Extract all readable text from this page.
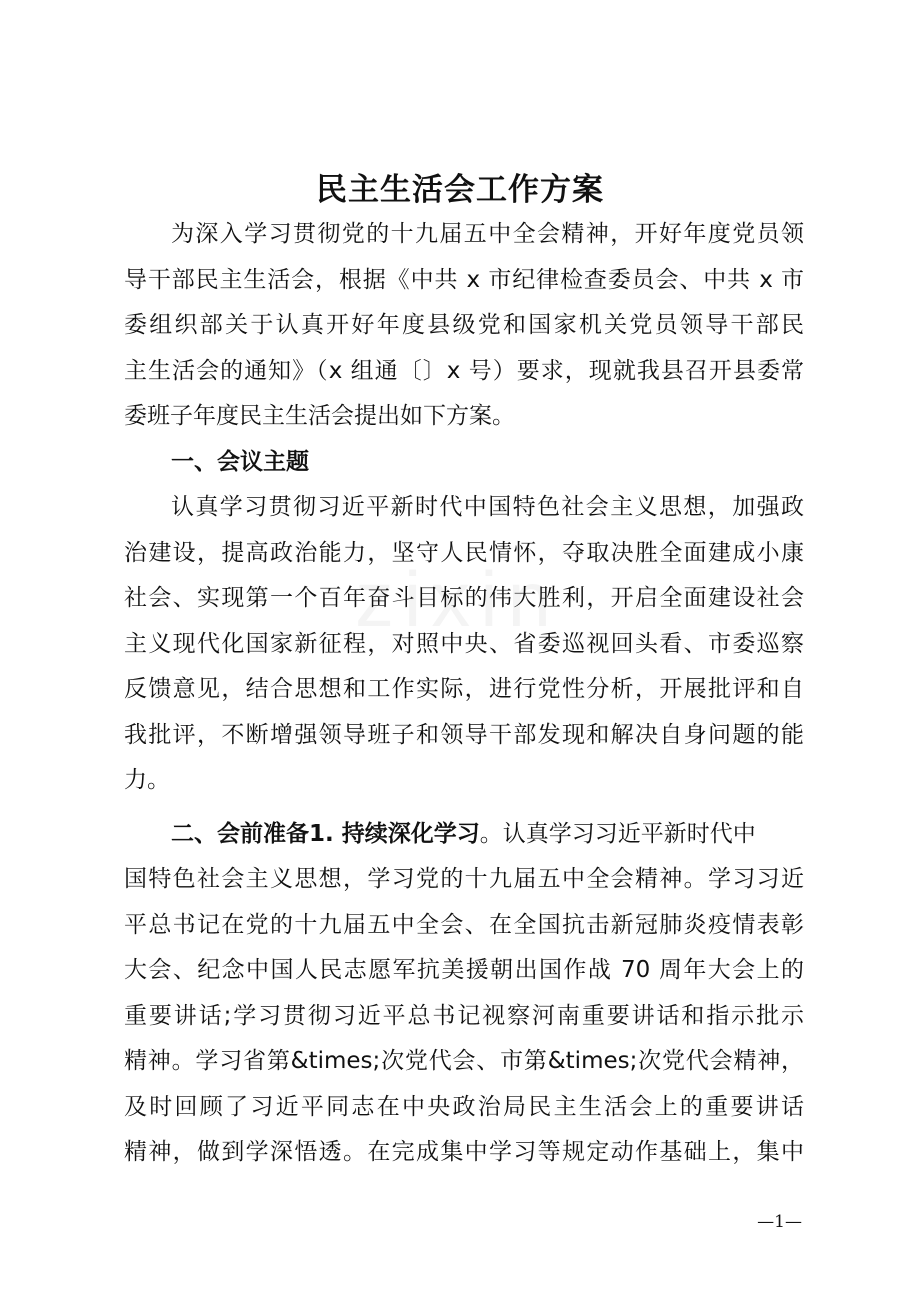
民主生活会工作方案
为深入学习贯彻党的十九届五中全会精神，开好年度党员领
导干部民主生活会，根据《中共 x 市纪律检查委员会、中共 x 市
委组织部关于认真开好年度县级党和国家机关党员领导干部民
主生活会的通知》（x 组通〔〕x 号）要求，现就我县召开县委常
委班子年度民主生活会提出如下方案。
一、会议主题
认真学习贯彻习近平新时代中国特色社会主义思想，加强政
治建设，提高政治能力，坚守人民情怀，夺取决胜全面建成小康
社会、实现第一个百年奋斗目标的伟大胜利，开启全面建设社会
主义现代化国家新征程，对照中央、省委巡视回头看、市委巡察
反馈意见，结合思想和工作实际，进行党性分析，开展批评和自
我批评，不断增强领导班子和领导干部发现和解决自身问题的能
力。
二、会前准备1. 持续深化学习。认真学习习近平新时代中
国特色社会主义思想，学习党的十九届五中全会精神。学习习近
平总书记在党的十九届五中全会、在全国抗击新冠肺炎疫情表彰
大会、纪念中国人民志愿军抗美援朝出国作战 70 周年大会上的
重要讲话;学习贯彻习近平总书记视察河南重要讲话和指示批示
精神。学习省第&times;次党代会、市第&times;次党代会精神，
及时回顾了习近平同志在中央政治局民主生活会上的重要讲话
精神，做到学深悟透。在完成集中学习等规定动作基础上，集中
—1—
